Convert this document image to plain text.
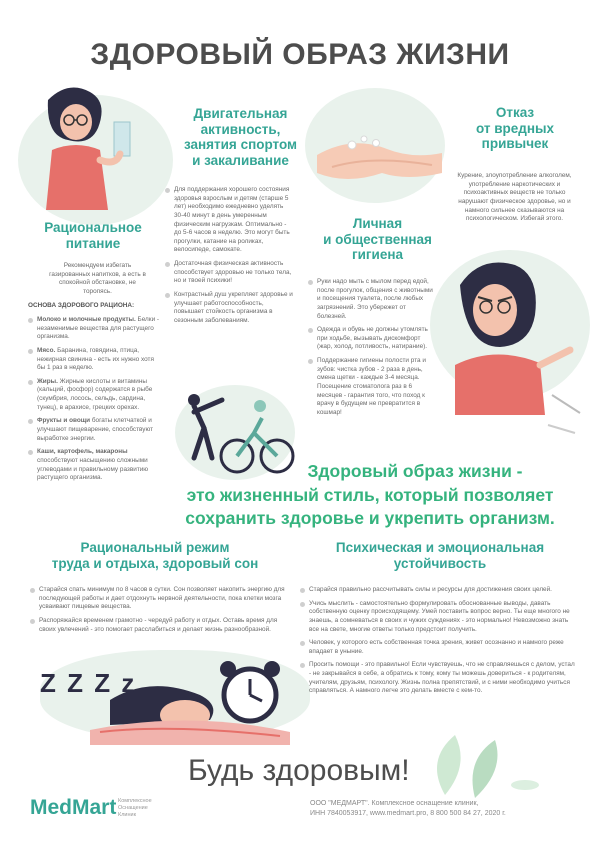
ЗДОРОВЫЙ ОБРАЗ ЖИЗНИ
Z Z Z z
Рациональное
питание
Рекомендуем избегать газированных напитков, а есть в спокойной обстановке, не торопясь.
ОСНОВА ЗДОРОВОГО РАЦИОНА:
Молоко и молочные продукты. Белки - незаменимые вещества для растущего организма.
Мясо. Баранина, говядина, птица, нежирная свинина - есть их нужно хотя бы 1 раз в неделю.
Жиры. Жирные кислоты и витамины (кальций, фосфор) содержатся в рыбе (скумбрия, лосось, сельдь, сардина, тунец), в арахисе, грецких орехах.
Фрукты и овощи богаты клетчаткой и улучшают пищеварение, способствуют выработке энергии.
Каши, картофель, макароны способствуют насыщению сложными углеводами и правильному развитию растущего организма.
Двигательная
активность,
занятия спортом
и закаливание
Для поддержания хорошего состояния здоровья взрослым и детям (старше 5 лет) необходимо ежедневно уделять 30-40 минут в день умеренным физическим нагрузкам. Оптимально - до 5-6 часов в неделю. Это могут быть прогулки, катание на роликах, велосипеде, самокате.
Достаточная физическая активность способствует здоровью не только тела, но и твоей психики!
Контрастный душ укрепляет здоровье и улучшает работоспособность, повышает стойкость организма в сезонным заболеваниям.
Личная
и общественная
гигиена
Руки надо мыть с мылом перед едой, после прогулок, общения с животными и посещения туалета, после любых загрязнений. Это убережет от болезней.
Одежда и обувь не должны утомлять при ходьбе, вызывать дискомфорт (жар, холод, потливость, натирание).
Поддержание гигиены полости рта и зубов: чистка зубов - 2 раза в день, смена щетки - каждые 3-4 месяца. Посещение стоматолога раз в 6 месяцев - гарантия того, что поход к врачу в будущем не превратится в кошмар!
Отказ
от вредных
привычек
Курение, злоупотребление алкоголем, употребление наркотических и психоактивных веществ не только нарушают физическое здоровье, но и намного сильнее сказываются на психологическом. Избегай этого.
Здоровый образ жизни -
это жизненный стиль, который позволяет
сохранить здоровье и укрепить организм.
Рациональный режим
труда и отдыха, здоровый сон
Старайся спать минимум по 8 часов в сутки. Сон позволяет накопить энергию для последующей работы и дает отдохнуть нервной деятельности, пока клетки мозга усваивают пищевые вещества.
Распоряжайся временем грамотно - чередуй работу и отдых. Оставь время для своих увлечений - это помогает расслабиться и делает жизнь разнообразной.
Психическая и эмоциональная
устойчивость
Старайся правильно рассчитывать силы и ресурсы для достижения своих целей.
Учись мыслить - самостоятельно формулировать обоснованные выводы, давать собственную оценку происходящему. Умей поставить вопрос верно. Ты еще многого не знаешь, а сомневаться в своих и чужих суждениях - это нормально! Невозможно знать все на свете, многие ответы только предстоит получить.
Человек, у которого есть собственная точка зрения, живет осознанно и намного реже впадает в уныние.
Просить помощи - это правильно! Если чувствуешь, что не справляешься с делом, устал - не закрывайся в себе, а обратись к тому, кому ты можешь довериться - к родителям, учителям, друзьям, психологу. Жизнь полна препятствий, и с ними необходимо учиться справляться. А намного легче это делать вместе с кем-то.
Будь здоровым!
MedMart Комплексное
Оснащение
Клиник
ООО "МЕДМАРТ". Комплексное оснащение клиник,
ИНН 7840053917, www.medmart.pro, 8 800 500 84 27, 2020 г.
